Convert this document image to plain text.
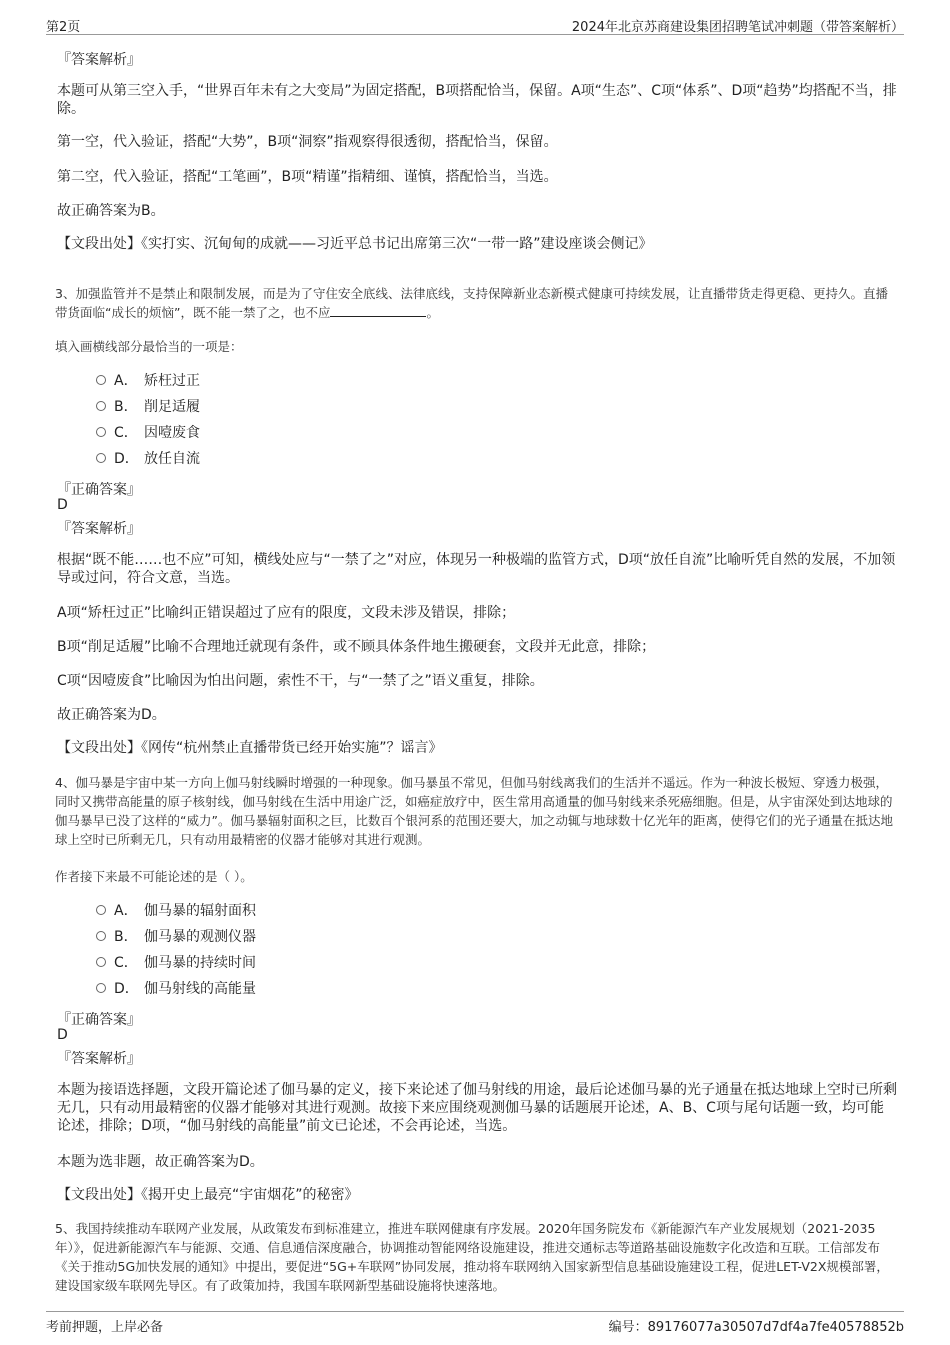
第2页	2024年北京苏商建设集团招聘笔试冲刺题（带答案解析）
『答案解析』
本题可从第三空入手，“世界百年未有之大变局”为固定搭配，B项搭配恰当，保留。A项“生态”、C项“体系”、D项“趋势”均搭配不当，排除。
第一空，代入验证，搭配“大势”，B项“洞察”指观察得很透彻，搭配恰当，保留。
第二空，代入验证，搭配“工笔画”，B项“精谨”指精细、谨慎，搭配恰当，当选。
故正确答案为B。
【文段出处】《实打实、沉甸甸的成就——习近平总书记出席第三次“一带一路”建设座谈会侧记》
3、加强监管并不是禁止和限制发展，而是为了守住安全底线、法律底线，支持保障新业态新模式健康可持续发展，让直播带货走得更稳、更持久。直播带货面临“成长的烦恼”，既不能一禁了之，也不应	。
填入画横线部分最恰当的一项是：
A． 矫枉过正
B． 削足适履
C． 因噎废食
D． 放任自流
『正确答案』
D
『答案解析』
根据“既不能……也不应”可知，横线处应与“一禁了之”对应，体现另一种极端的监管方式，D项“放任自流”比喻听凭自然的发展，不加领导或过问，符合文意，当选。
A项“矫枉过正”比喻纠正错误超过了应有的限度，文段未涉及错误，排除；
B项“削足适履”比喻不合理地迁就现有条件，或不顾具体条件地生搬硬套，文段并无此意，排除；
C项“因噎废食”比喻因为怕出问题，索性不干，与“一禁了之”语义重复，排除。
故正确答案为D。
【文段出处】《网传“杭州禁止直播带货已经开始实施”？谣言》
4、伽马暴是宇宙中某一方向上伽马射线瞬时增强的一种现象。伽马暴虽不常见，但伽马射线离我们的生活并不遥远。作为一种波长极短、穿透力极强，同时又携带高能量的原子核射线，伽马射线在生活中用途广泛，如癌症放疗中，医生常用高通量的伽马射线来杀死癌细胞。但是，从宇宙深处到达地球的伽马暴早已没了这样的“威力”。伽马暴辐射面积之巨，比数百个银河系的范围还要大，加之动辄与地球数十亿光年的距离，使得它们的光子通量在抵达地球上空时已所剩无几，只有动用最精密的仪器才能够对其进行观测。
作者接下来最不可能论述的是（ ）。
A． 伽马暴的辐射面积
B． 伽马暴的观测仪器
C． 伽马暴的持续时间
D． 伽马射线的高能量
『正确答案』
D
『答案解析』
本题为接语选择题，文段开篇论述了伽马暴的定义，接下来论述了伽马射线的用途，最后论述伽马暴的光子通量在抵达地球上空时已所剩无几，只有动用最精密的仪器才能够对其进行观测。故接下来应围绕观测伽马暴的话题展开论述，A、B、C项与尾句话题一致，均可能论述，排除；D项，“伽马射线的高能量”前文已论述，不会再论述，当选。
本题为选非题，故正确答案为D。
【文段出处】《揭开史上最亮“宇宙烟花”的秘密》
5、我国持续推动车联网产业发展，从政策发布到标准建立，推进车联网健康有序发展。2020年国务院发布《新能源汽车产业发展规划（2021-2035年）》，促进新能源汽车与能源、交通、信息通信深度融合，协调推动智能网络设施建设，推进交通标志等道路基础设施数字化改造和互联。工信部发布《关于推动5G加快发展的通知》中提出，要促进“5G+车联网”协同发展，推动将车联网纳入国家新型信息基础设施建设工程，促进LET-V2X规模部署，建设国家级车联网先导区。有了政策加持，我国车联网新型基础设施将快速落地。
考前押题，上岸必备	编号：89176077a30507d7df4a7fe40578852b
